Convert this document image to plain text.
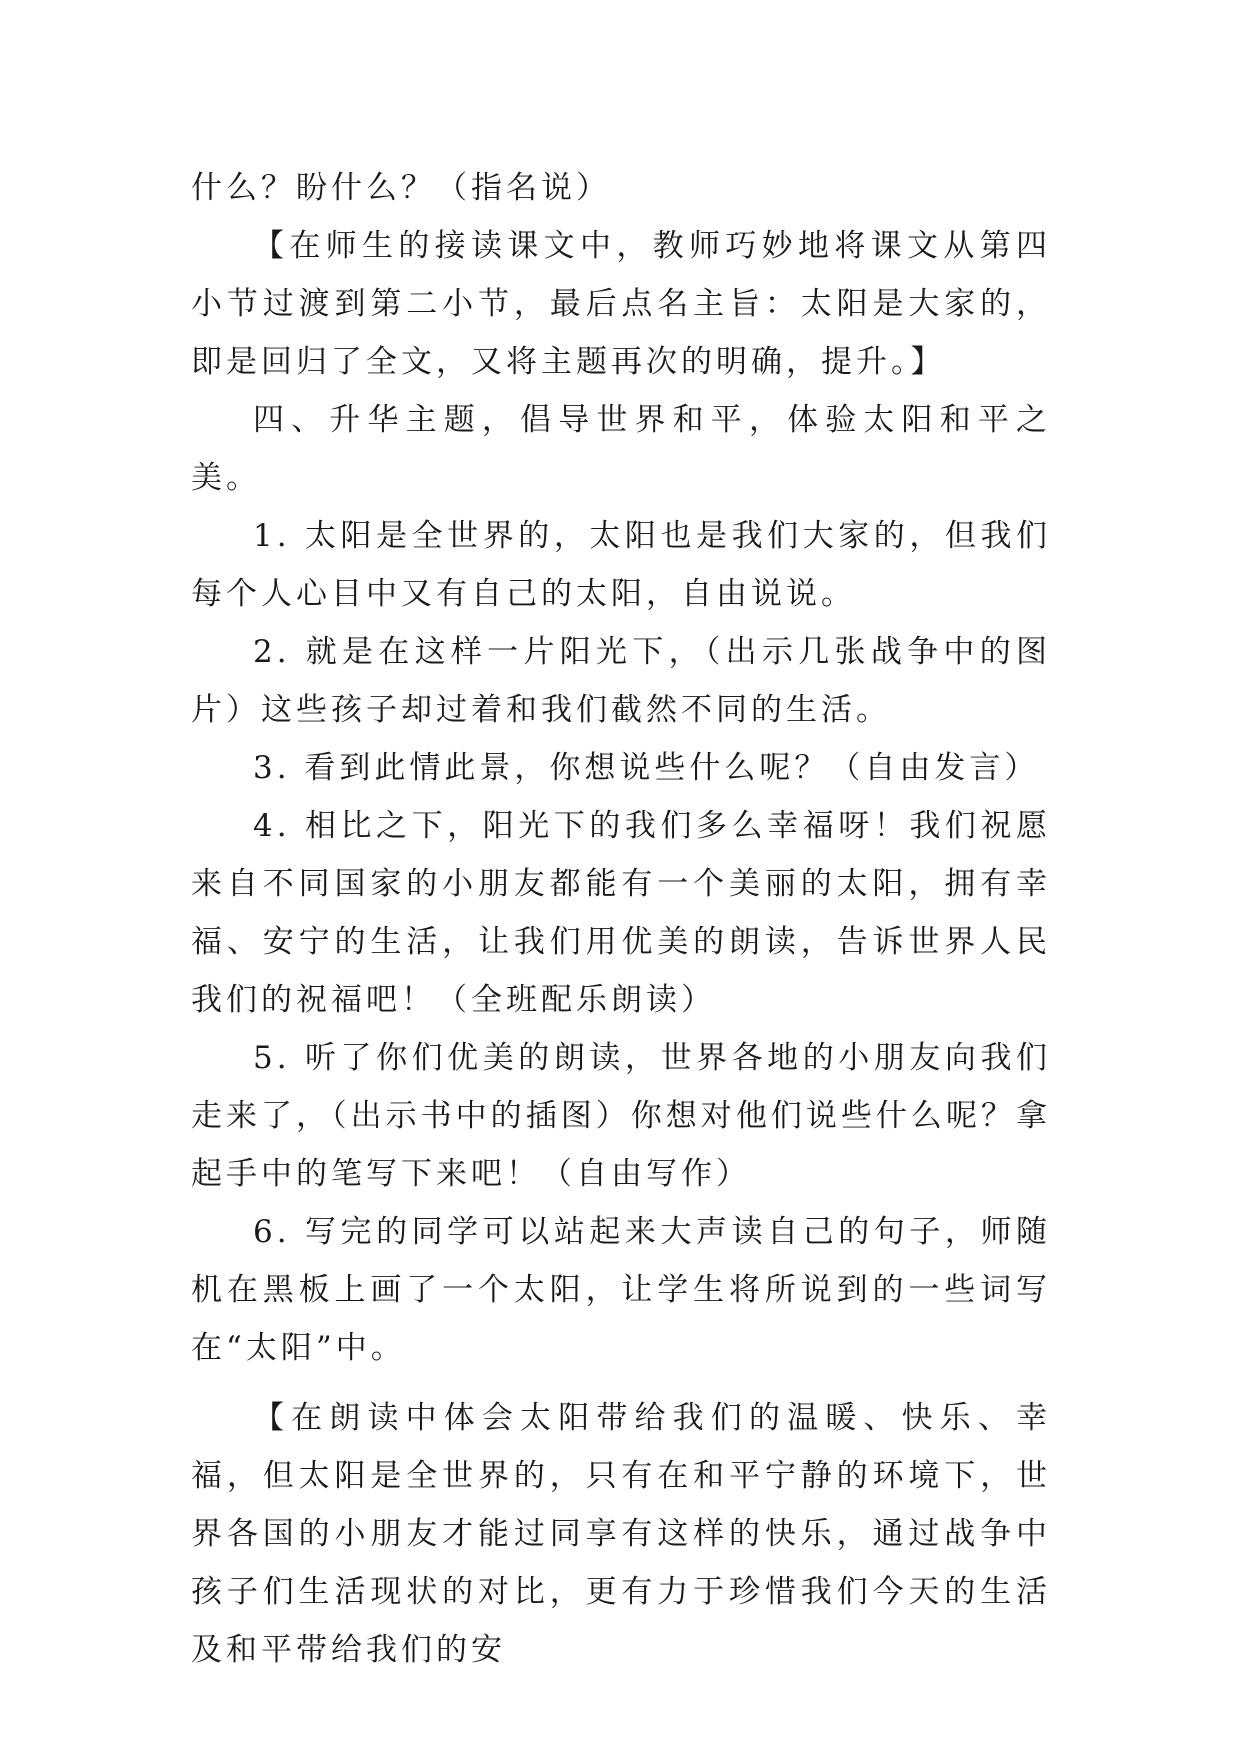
什么？盼什么？（指名说）

【在师生的接读课文中，教师巧妙地将课文从第四小节过渡到第二小节，最后点名主旨：太阳是大家的，即是回归了全文，又将主题再次的明确，提升。】

四、升华主题，倡导世界和平，体验太阳和平之美。

1. 太阳是全世界的，太阳也是我们大家的，但我们每个人心目中又有自己的太阳，自由说说。

2. 就是在这样一片阳光下，（出示几张战争中的图片）这些孩子却过着和我们截然不同的生活。

3. 看到此情此景，你想说些什么呢？（自由发言）

4. 相比之下，阳光下的我们多么幸福呀！我们祝愿来自不同国家的小朋友都能有一个美丽的太阳，拥有幸福、安宁的生活，让我们用优美的朗读，告诉世界人民我们的祝福吧！（全班配乐朗读）

5. 听了你们优美的朗读，世界各地的小朋友向我们走来了，（出示书中的插图）你想对他们说些什么呢？拿起手中的笔写下来吧！（自由写作）

6. 写完的同学可以站起来大声读自己的句子，师随机在黑板上画了一个太阳，让学生将所说到的一些词写在“太阳”中。

【在朗读中体会太阳带给我们的温暖、快乐、幸福，但太阳是全世界的，只有在和平宁静的环境下，世界各国的小朋友才能过同享有这样的快乐，通过战争中孩子们生活现状的对比，更有力于珍惜我们今天的生活及和平带给我们的安
